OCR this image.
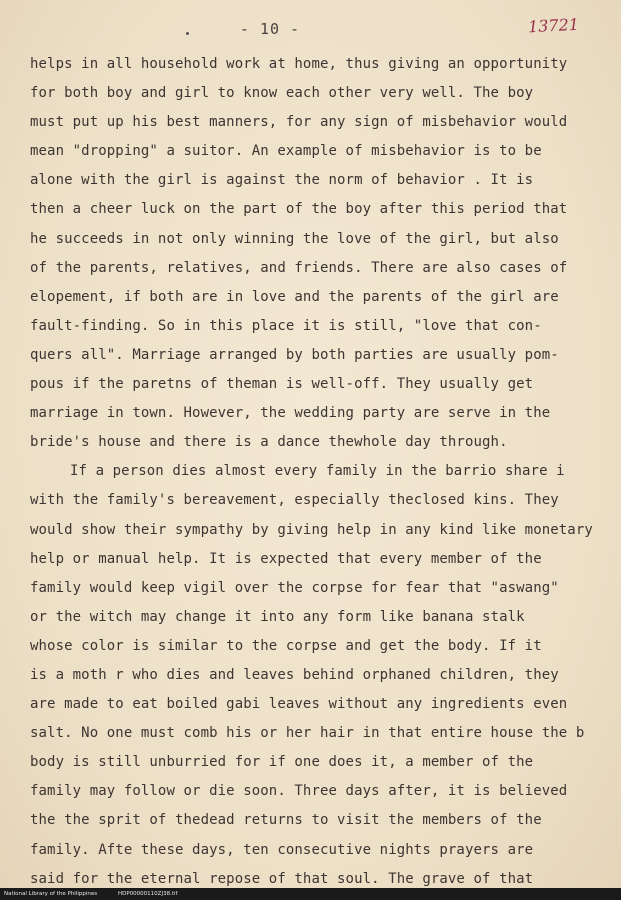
- 10 -	13721
helps in all household work at home, thus giving an opportunity
for both boy and girl to know each other very well. The boy
must put up his best manners, for any sign of misbehavior would
mean "dropping" a suitor. An example of misbehavior is to be
alone with the girl is against the norm of behavior . It is
then a cheer luck on the part of the boy after this period that
he succeeds in not only winning the love of the girl, but also
of the parents, relatives, and friends. There are also cases of
elopement, if both are in love and the parents of the girl are
fault-finding. So in this place it is still, "love that con-
quers all". Marriage arranged by both parties are usually pom-
pous if the paretns of theman is well-off. They usually get
marriage in town. However, the wedding party are serve in the
bride's house and there is a dance thewhole day through.
If a person dies almost every family in the barrio share i
with the family's bereavement, especially theclosed kins. They
would show their sympathy by giving help in any kind like monetary
help or manual help. It is expected that every member of the
family would keep vigil over the corpse for fear that "aswang"
or the witch may change it into any form like banana stalk
whose color is similar to the corpse and get the body. If it
is a moth r who dies and leaves behind orphaned children, they
are made to eat boiled gabi leaves without any ingredients even
salt. No one must comb his or her hair in that entire house the b
body is still unburried for if one does it, a member of the
family may follow or die soon. Three days after, it is believed
the the sprit of thedead returns to visit the members of the
family. Afte these days, ten consecutive nights prayers are
said for the eternal repose of that soul. The grave of that
National Library of the Philippines	HDP00000110ZJ38.tif
